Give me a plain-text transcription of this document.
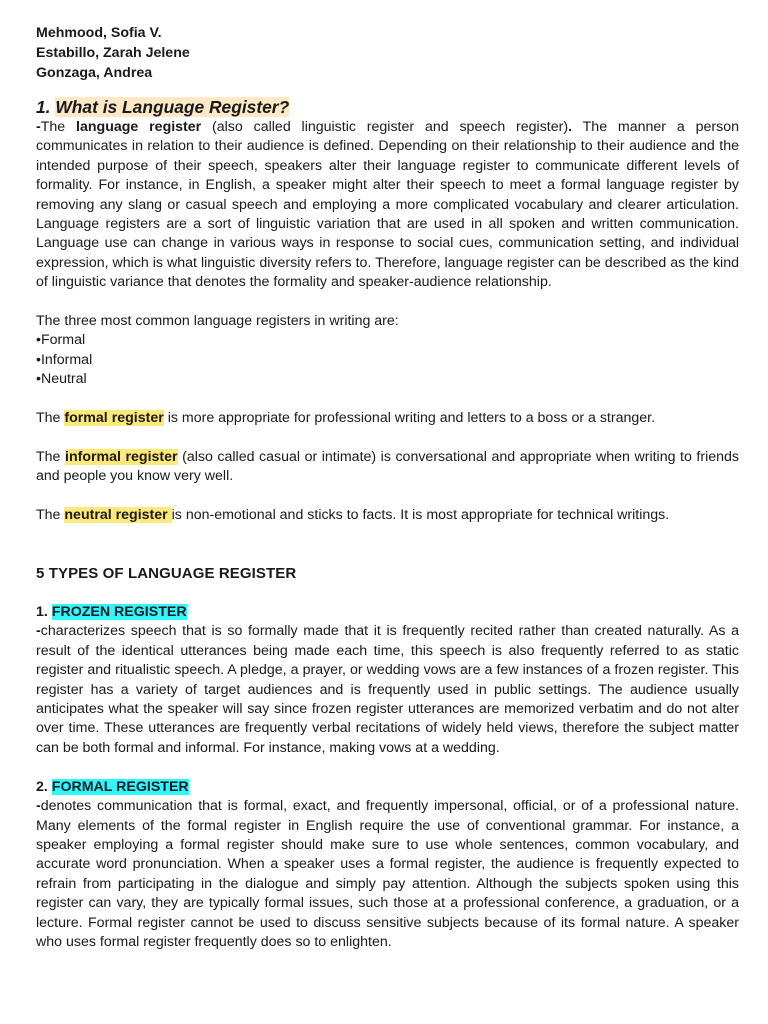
Mehmood, Sofia V.
Estabillo, Zarah Jelene
Gonzaga, Andrea
1. What is Language Register?

-The language register (also called linguistic register and speech register). The manner a person communicates in relation to their audience is defined. Depending on their relationship to their audience and the intended purpose of their speech, speakers alter their language register to communicate different levels of formality. For instance, in English, a speaker might alter their speech to meet a formal language register by removing any slang or casual speech and employing a more complicated vocabulary and clearer articulation. Language registers are a sort of linguistic variation that are used in all spoken and written communication. Language use can change in various ways in response to social cues, communication setting, and individual expression, which is what linguistic diversity refers to. Therefore, language register can be described as the kind of linguistic variance that denotes the formality and speaker-audience relationship.

The three most common language registers in writing are:
•Formal
•Informal
•Neutral

The formal register is more appropriate for professional writing and letters to a boss or a stranger.

The informal register (also called casual or intimate) is conversational and appropriate when writing to friends and people you know very well.

The neutral register is non-emotional and sticks to facts. It is most appropriate for technical writings.

5 TYPES OF LANGUAGE REGISTER
1. FROZEN REGISTER

-characterizes speech that is so formally made that it is frequently recited rather than created naturally. As a result of the identical utterances being made each time, this speech is also frequently referred to as static register and ritualistic speech. A pledge, a prayer, or wedding vows are a few instances of a frozen register. This register has a variety of target audiences and is frequently used in public settings. The audience usually anticipates what the speaker will say since frozen register utterances are memorized verbatim and do not alter over time. These utterances are frequently verbal recitations of widely held views, therefore the subject matter can be both formal and informal. For instance, making vows at a wedding.

2. FORMAL REGISTER

-denotes communication that is formal, exact, and frequently impersonal, official, or of a professional nature. Many elements of the formal register in English require the use of conventional grammar. For instance, a speaker employing a formal register should make sure to use whole sentences, common vocabulary, and accurate word pronunciation. When a speaker uses a formal register, the audience is frequently expected to refrain from participating in the dialogue and simply pay attention. Although the subjects spoken using this register can vary, they are typically formal issues, such those at a professional conference, a graduation, or a lecture. Formal register cannot be used to discuss sensitive subjects because of its formal nature. A speaker who uses formal register frequently does so to enlighten.
